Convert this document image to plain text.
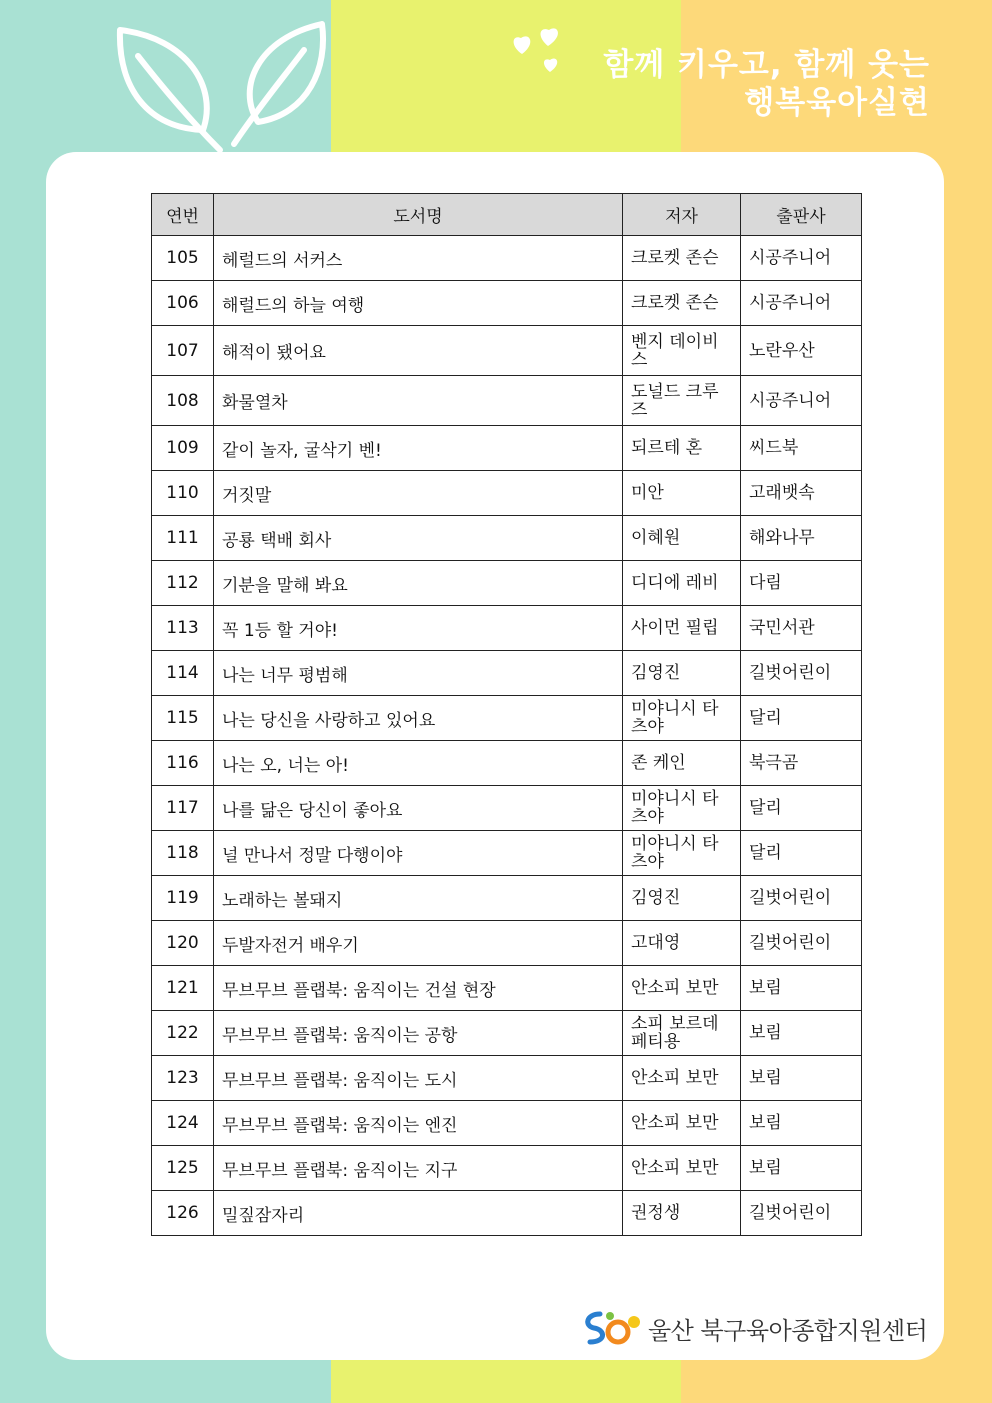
함께 키우고, 함께 웃는
행복육아실현
연번	도서명	저자	출판사
105	헤럴드의 서커스	크로켓 존슨	시공주니어
106	해럴드의 하늘 여행	크로켓 존슨	시공주니어
107	해적이 됐어요	벤지 데이비스	노란우산
108	화물열차	도널드 크루즈	시공주니어
109	같이 놀자, 굴삭기 벤!	되르테 혼	씨드북
110	거짓말	미안	고래뱃속
111	공룡 택배 회사	이혜원	해와나무
112	기분을 말해 봐요	디디에 레비	다림
113	꼭 1등 할 거야!	사이먼 필립	국민서관
114	나는 너무 평범해	김영진	길벗어린이
115	나는 당신을 사랑하고 있어요	미야니시 타츠야	달리
116	나는 오, 너는 아!	존 케인	북극곰
117	나를 닮은 당신이 좋아요	미야니시 타츠야	달리
118	널 만나서 정말 다행이야	미야니시 타츠야	달리
119	노래하는 볼돼지	김영진	길벗어린이
120	두발자전거 배우기	고대영	길벗어린이
121	무브무브 플랩북: 움직이는 건설 현장	안소피 보만	보림
122	무브무브 플랩북: 움직이는 공항	소피 보르데 페티용	보림
123	무브무브 플랩북: 움직이는 도시	안소피 보만	보림
124	무브무브 플랩북: 움직이는 엔진	안소피 보만	보림
125	무브무브 플랩북: 움직이는 지구	안소피 보만	보림
126	밀짚잠자리	권정생	길벗어린이
울산 북구육아종합지원센터
